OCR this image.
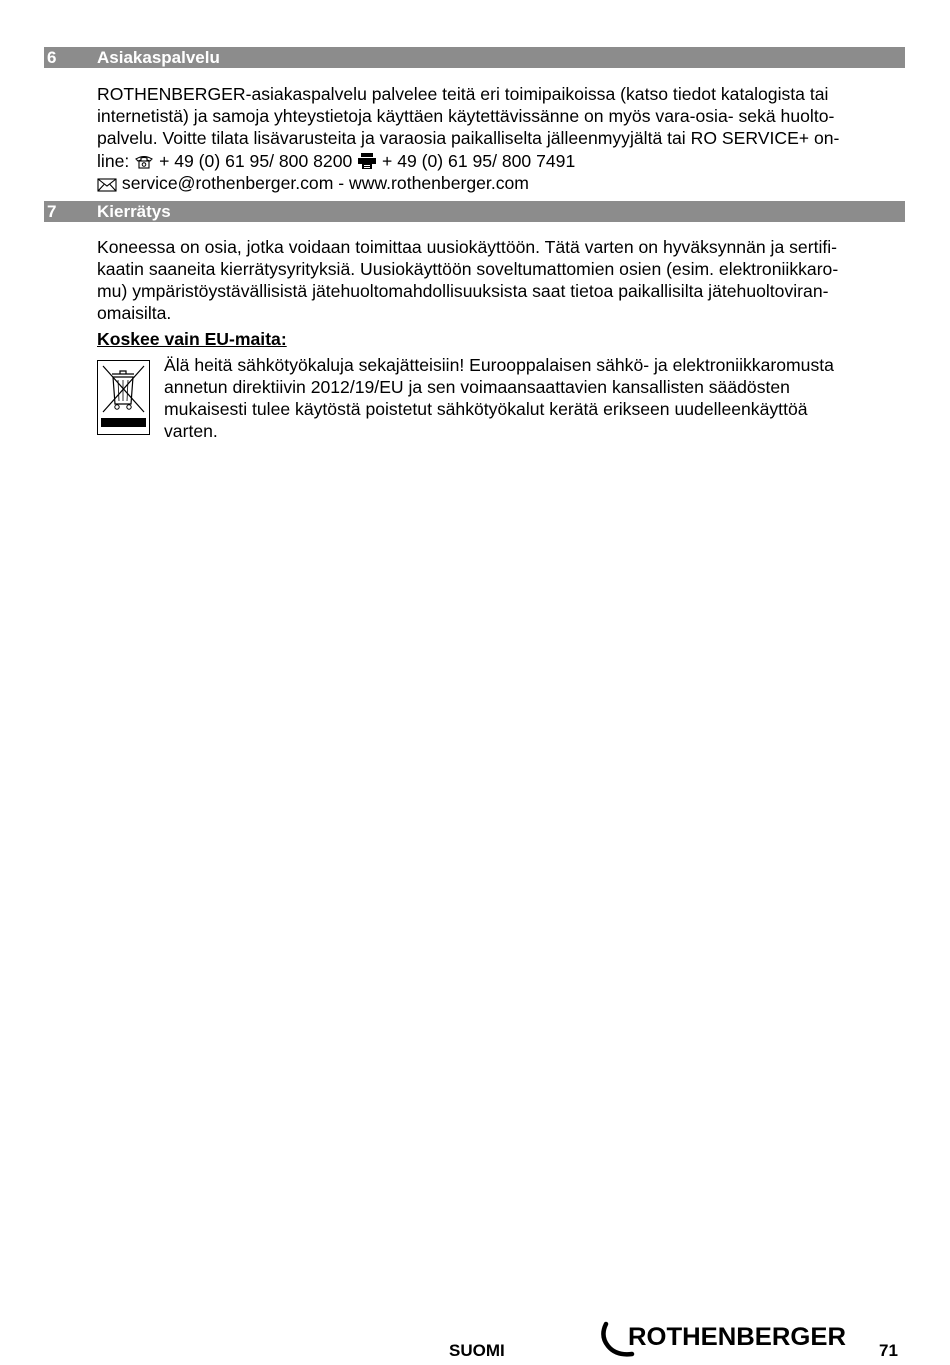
6 Asiakaspalvelu
ROTHENBERGER-asiakaspalvelu palvelee teitä eri toimipaikoissa (katso tiedot katalogista tai
internetistä) ja samoja yhteystietoja käyttäen käytettävissänne on myös vara-osia- sekä huolto-
palvelu. Voitte tilata lisävarusteita ja varaosia paikalliselta jälleenmyyjältä tai RO SERVICE+ on-
line: + 49 (0) 61 95/ 800 8200 + 49 (0) 61 95/ 800 7491
service@rothenberger.com - www.rothenberger.com
7 Kierrätys
Koneessa on osia, jotka voidaan toimittaa uusiokäyttöön. Tätä varten on hyväksynnän ja sertifi-
kaatin saaneita kierrätysyrityksiä. Uusiokäyttöön soveltumattomien osien (esim. elektroniikkaro-
mu) ympäristöystävällisistä jätehuoltomahdollisuuksista saat tietoa paikallisilta jätehuoltoviran-
omaisilta.
Koskee vain EU-maita:
Älä heitä sähkötyökaluja sekajätteisiin! Eurooppalaisen sähkö- ja elektroniikkaromusta
annetun direktiivin 2012/19/EU ja sen voimaansaattavien kansallisten säädösten
mukaisesti tulee käytöstä poistetut sähkötyökalut kerätä erikseen uudelleenkäyttöä
varten.
SUOMI	ROTHENBERGER 71
